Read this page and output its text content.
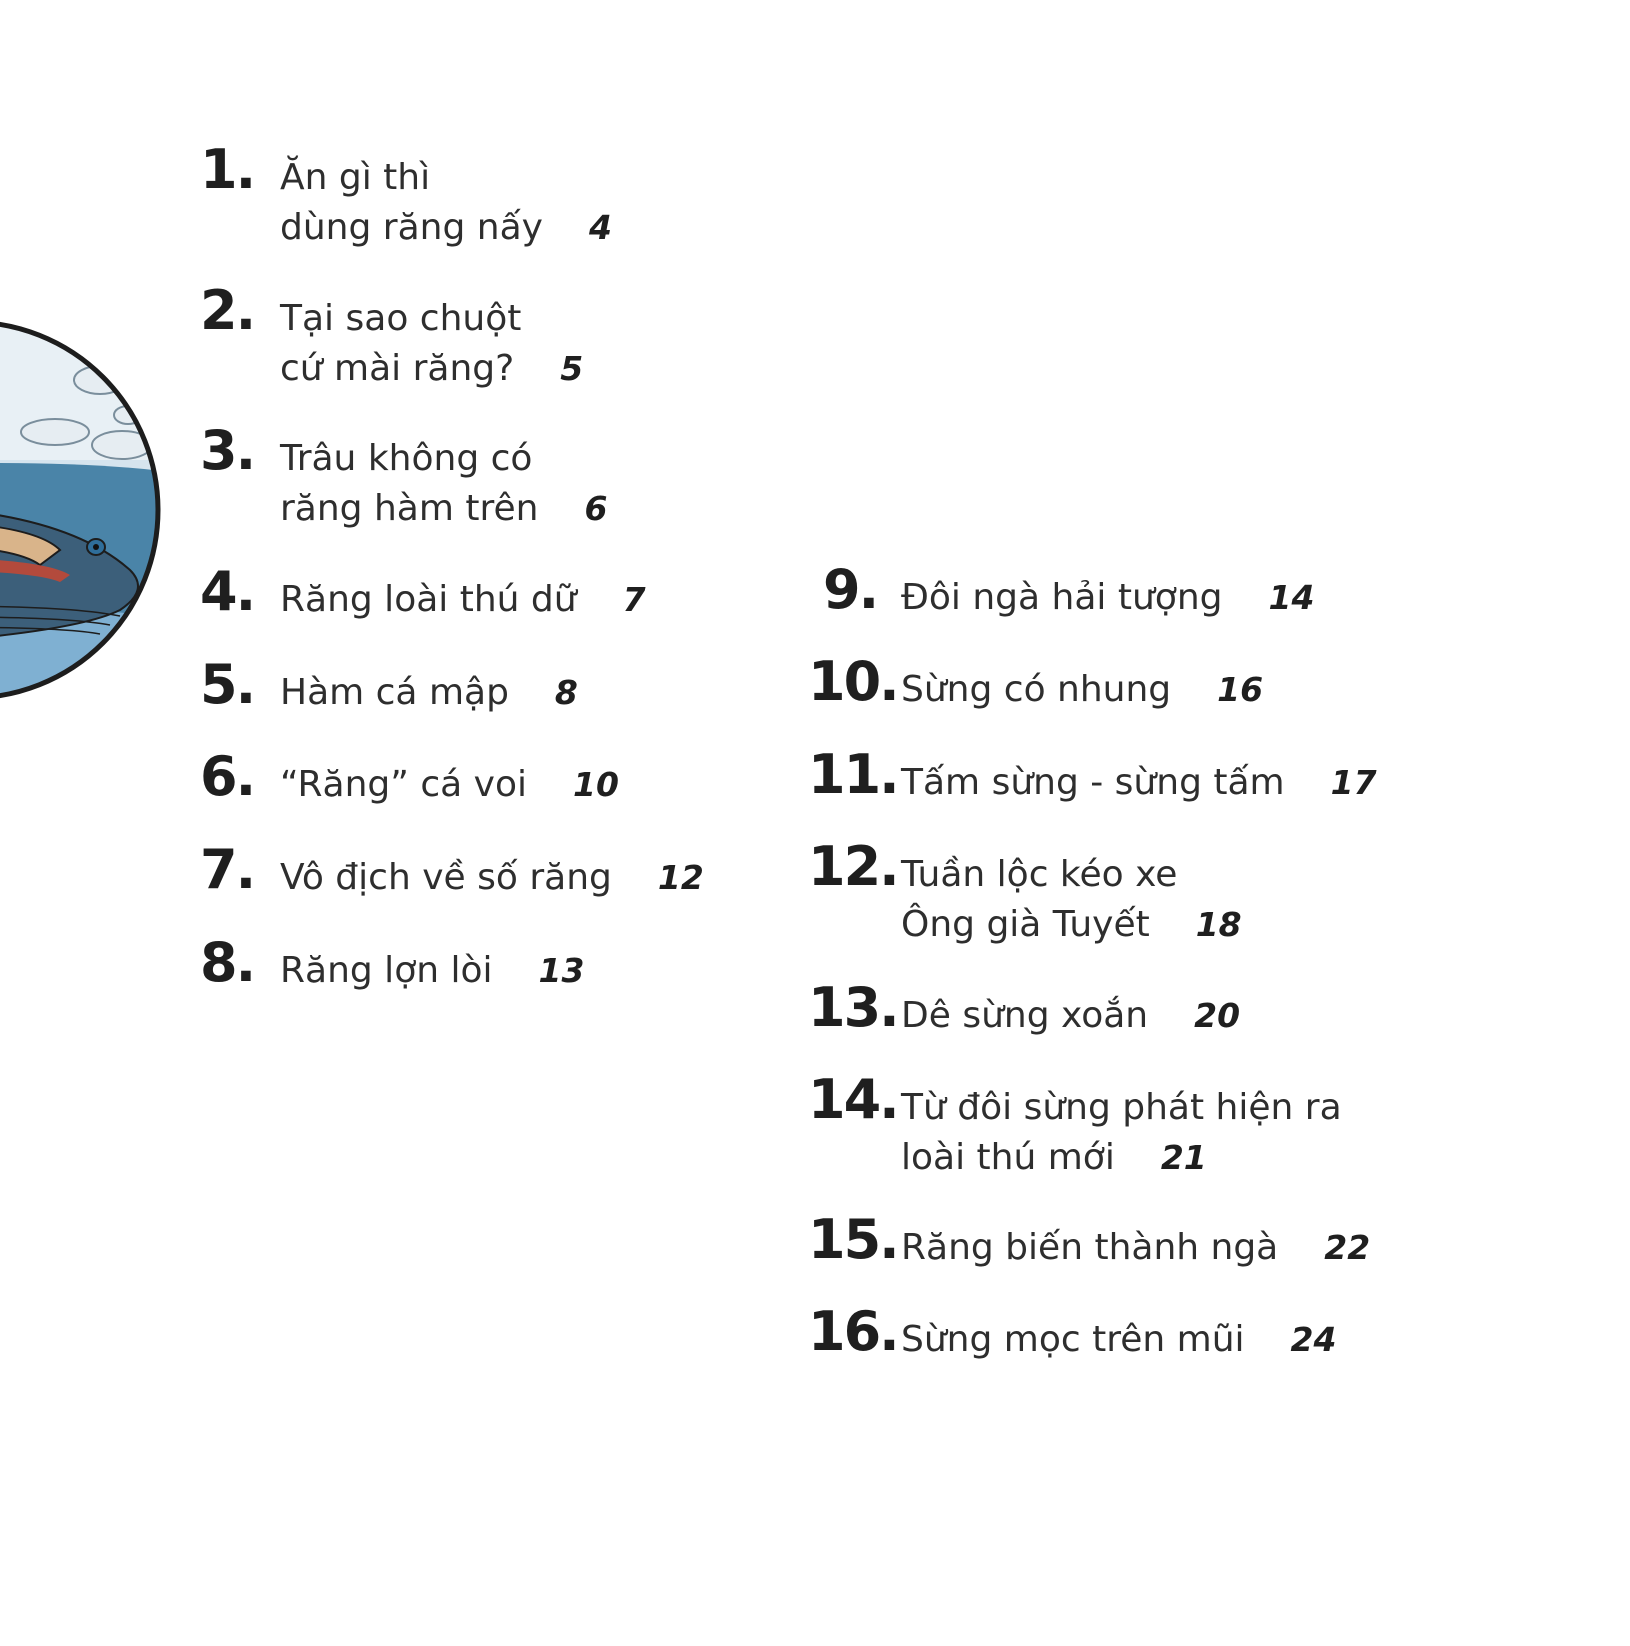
1. Ăn gì thì
dùng răng nấy 4
2. Tại sao chuột
cứ mài răng? 5
3. Trâu không có
răng hàm trên 6
4. Răng loài thú dữ 7
5. Hàm cá mập 8
6. “Răng” cá voi 10
7. Vô địch về số răng 12
8. Răng lợn lòi 13
9. Đôi ngà hải tượng 14
10. Sừng có nhung 16
11. Tấm sừng - sừng tấm 17
12. Tuần lộc kéo xe
Ông già Tuyết 18
13. Dê sừng xoắn 20
14. Từ đôi sừng phát hiện ra
loài thú mới 21
15. Răng biến thành ngà 22
16. Sừng mọc trên mũi 24
